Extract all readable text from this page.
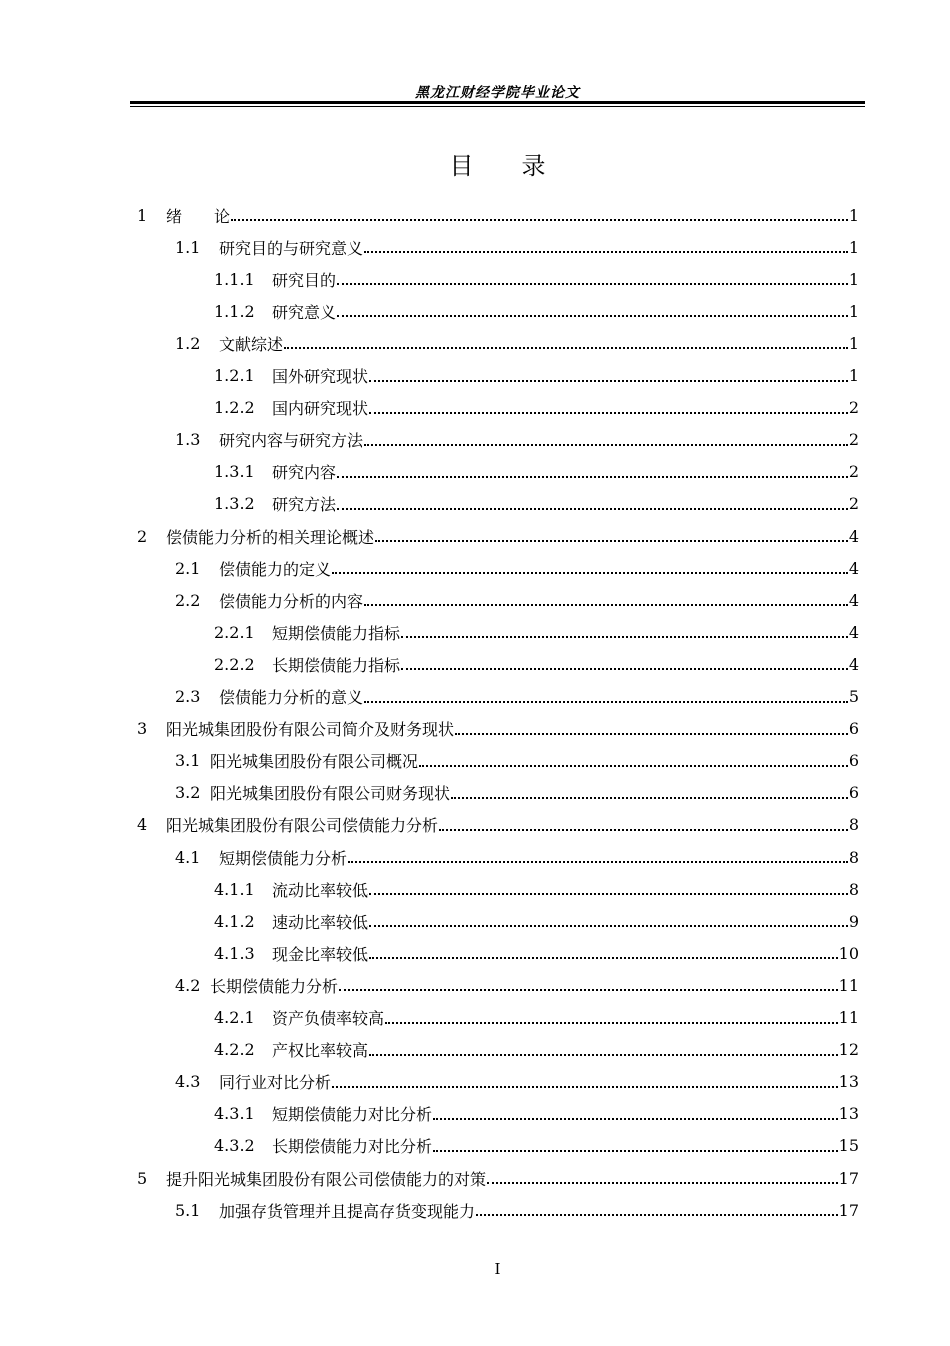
黑龙江财经学院毕业论文
目 录
1	绪　　论	1
1.1	研究目的与研究意义	1
1.1.1	研究目的	1
1.1.2	研究意义	1
1.2	文献综述	1
1.2.1	国外研究现状	1
1.2.2	国内研究现状	2
1.3	研究内容与研究方法	2
1.3.1	研究内容	2
1.3.2	研究方法	2
2	偿债能力分析的相关理论概述	4
2.1	偿债能力的定义	4
2.2	偿债能力分析的内容	4
2.2.1	短期偿债能力指标	4
2.2.2	长期偿债能力指标	4
2.3	偿债能力分析的意义	5
3	阳光城集团股份有限公司简介及财务现状	6
3.1 阳光城集团股份有限公司概况	6
3.2 阳光城集团股份有限公司财务现状	6
4	阳光城集团股份有限公司偿债能力分析	8
4.1	短期偿债能力分析	8
4.1.1	流动比率较低	8
4.1.2	速动比率较低	9
4.1.3	现金比率较低	10
4.2 长期偿债能力分析	11
4.2.1	资产负债率较高	11
4.2.2	产权比率较高	12
4.3	同行业对比分析	13
4.3.1	短期偿债能力对比分析	13
4.3.2	长期偿债能力对比分析	15
5	提升阳光城集团股份有限公司偿债能力的对策	17
5.1	加强存货管理并且提高存货变现能力	17
I
